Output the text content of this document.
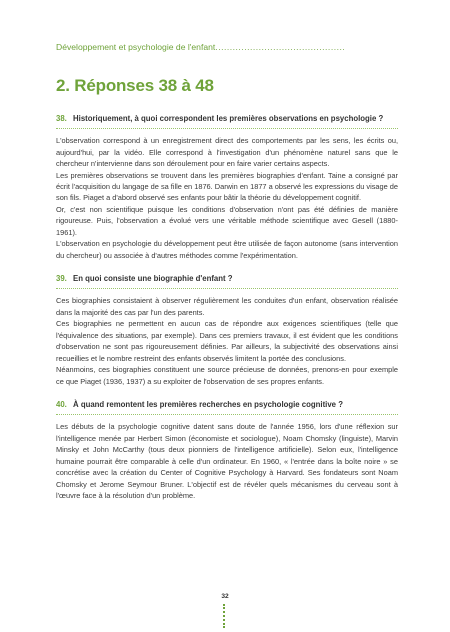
Développement et psychologie de l'enfant.............................................
2. Réponses 38 à 48
38. Historiquement, à quoi correspondent les premières observations en psychologie ?

L'observation correspond à un enregistrement direct des comportements par les sens, les écrits ou, aujourd'hui, par la vidéo. Elle correspond à l'investigation d'un phénomène naturel sans que le chercheur n'intervienne dans son déroulement pour en faire varier certains aspects.

Les premières observations se trouvent dans les premières biographies d'enfant. Taine a consigné par écrit l'acquisition du langage de sa fille en 1876. Darwin en 1877 a observé les expressions du visage de son fils. Piaget a d'abord observé ses enfants pour bâtir la théorie du développement cognitif.

Or, c'est non scientifique puisque les conditions d'observation n'ont pas été définies de manière rigoureuse. Puis, l'observation a évolué vers une véritable méthode scientifique avec Gesell (1880-1961).

L'observation en psychologie du développement peut être utilisée de façon autonome (sans intervention du chercheur) ou associée à d'autres méthodes comme l'expérimentation.

39. En quoi consiste une biographie d'enfant ?

Ces biographies consistaient à observer régulièrement les conduites d'un enfant, observation réalisée dans la majorité des cas par l'un des parents.

Ces biographies ne permettent en aucun cas de répondre aux exigences scientifiques (telle que l'équivalence des situations, par exemple). Dans ces premiers travaux, il est évident que les conditions d'observation ne sont pas rigoureusement définies. Par ailleurs, la subjectivité des observations ainsi recueillies et le nombre restreint des enfants observés limitent la portée des conclusions.

Néanmoins, ces biographies constituent une source précieuse de données, prenons-en pour exemple ce que Piaget (1936, 1937) a su exploiter de l'observation de ses propres enfants.

40. À quand remontent les premières recherches en psychologie cognitive ?

Les débuts de la psychologie cognitive datent sans doute de l'année 1956, lors d'une réflexion sur l'intelligence menée par Herbert Simon (économiste et sociologue), Noam Chomsky (linguiste), Marvin Minsky et John McCarthy (tous deux pionniers de l'intelligence artificielle). Selon eux, l'intelligence humaine pourrait être comparable à celle d'un ordinateur. En 1960, « l'entrée dans la boîte noire » se concrétise avec la création du Center of Cognitive Psychology à Harvard. Ses fondateurs sont Noam Chomsky et Jerome Seymour Bruner. L'objectif est de révéler quels mécanismes du cerveau sont à l'œuvre face à la résolution d'un problème.

32
